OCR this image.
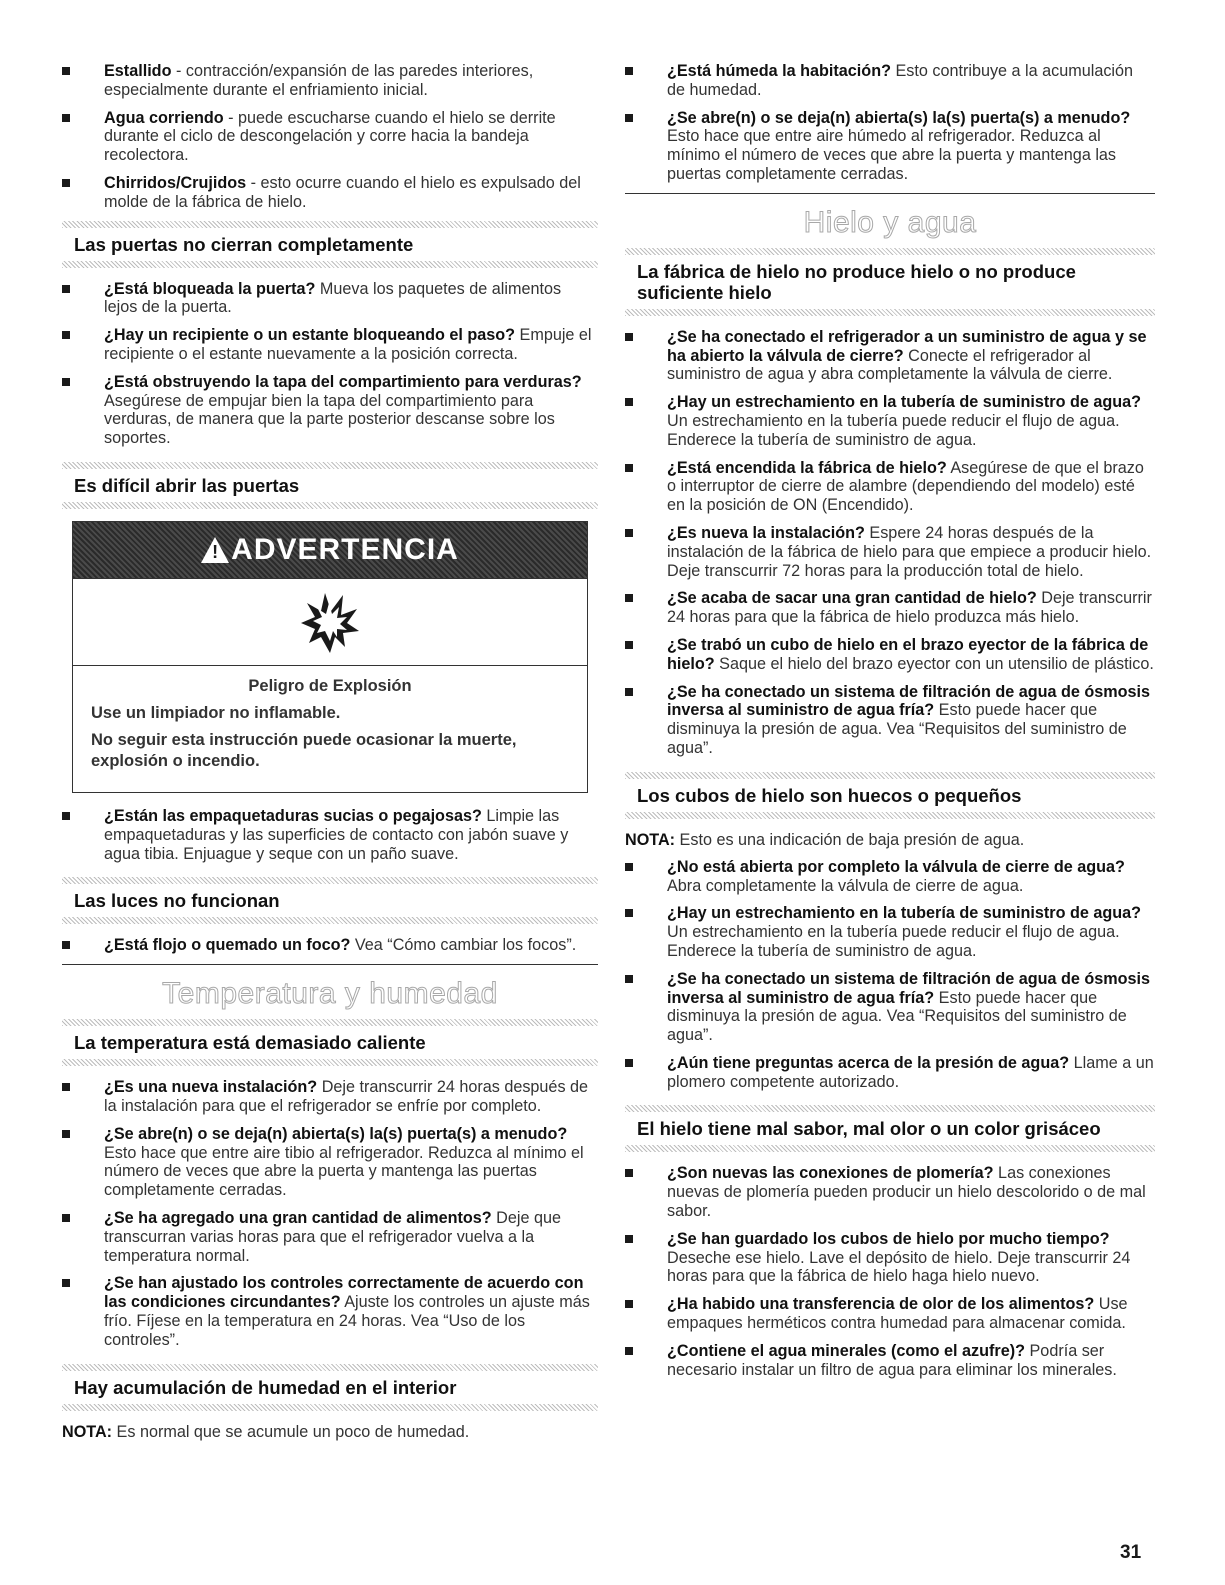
Estallido - contracción/expansión de las paredes interiores, especialmente durante el enfriamiento inicial.
Agua corriendo - puede escucharse cuando el hielo se derrite durante el ciclo de descongelación y corre hacia la bandeja recolectora.
Chirridos/Crujidos - esto ocurre cuando el hielo es expulsado del molde de la fábrica de hielo.
Las puertas no cierran completamente
¿Está bloqueada la puerta? Mueva los paquetes de alimentos lejos de la puerta.
¿Hay un recipiente o un estante bloqueando el paso? Empuje el recipiente o el estante nuevamente a la posición correcta.
¿Está obstruyendo la tapa del compartimiento para verduras? Asegúrese de empujar bien la tapa del compartimiento para verduras, de manera que la parte posterior descanse sobre los soportes.
Es difícil abrir las puertas
!
ADVERTENCIA
Peligro de Explosión

Use un limpiador no inflamable.

No seguir esta instrucción puede ocasionar la muerte, explosión o incendio.

¿Están las empaquetaduras sucias o pegajosas? Limpie las empaquetaduras y las superficies de contacto con jabón suave y agua tibia. Enjuague y seque con un paño suave.
Las luces no funcionan
¿Está flojo o quemado un foco? Vea “Cómo cambiar los focos”.
Temperatura y humedad
La temperatura está demasiado caliente
¿Es una nueva instalación? Deje transcurrir 24 horas después de la instalación para que el refrigerador se enfríe por completo.
¿Se abre(n) o se deja(n) abierta(s) la(s) puerta(s) a menudo? Esto hace que entre aire tibio al refrigerador. Reduzca al mínimo el número de veces que abre la puerta y mantenga las puertas completamente cerradas.
¿Se ha agregado una gran cantidad de alimentos? Deje que transcurran varias horas para que el refrigerador vuelva a la temperatura normal.
¿Se han ajustado los controles correctamente de acuerdo con las condiciones circundantes? Ajuste los controles un ajuste más frío. Fíjese en la temperatura en 24 horas. Vea “Uso de los controles”.
Hay acumulación de humedad en el interior
NOTA: Es normal que se acumule un poco de humedad.
¿Está húmeda la habitación? Esto contribuye a la acumulación de humedad.
¿Se abre(n) o se deja(n) abierta(s) la(s) puerta(s) a menudo? Esto hace que entre aire húmedo al refrigerador. Reduzca al mínimo el número de veces que abre la puerta y mantenga las puertas completamente cerradas.
Hielo y agua
La fábrica de hielo no produce hielo o no produce suficiente hielo
¿Se ha conectado el refrigerador a un suministro de agua y se ha abierto la válvula de cierre? Conecte el refrigerador al suministro de agua y abra completamente la válvula de cierre.
¿Hay un estrechamiento en la tubería de suministro de agua? Un estrechamiento en la tubería puede reducir el flujo de agua. Enderece la tubería de suministro de agua.
¿Está encendida la fábrica de hielo? Asegúrese de que el brazo o interruptor de cierre de alambre (dependiendo del modelo) esté en la posición de ON (Encendido).
¿Es nueva la instalación? Espere 24 horas después de la instalación de la fábrica de hielo para que empiece a producir hielo. Deje transcurrir 72 horas para la producción total de hielo.
¿Se acaba de sacar una gran cantidad de hielo? Deje transcurrir 24 horas para que la fábrica de hielo produzca más hielo.
¿Se trabó un cubo de hielo en el brazo eyector de la fábrica de hielo? Saque el hielo del brazo eyector con un utensilio de plástico.
¿Se ha conectado un sistema de filtración de agua de ósmosis inversa al suministro de agua fría? Esto puede hacer que disminuya la presión de agua. Vea “Requisitos del suministro de agua”.
Los cubos de hielo son huecos o pequeños
NOTA: Esto es una indicación de baja presión de agua.
¿No está abierta por completo la válvula de cierre de agua? Abra completamente la válvula de cierre de agua.
¿Hay un estrechamiento en la tubería de suministro de agua? Un estrechamiento en la tubería puede reducir el flujo de agua. Enderece la tubería de suministro de agua.
¿Se ha conectado un sistema de filtración de agua de ósmosis inversa al suministro de agua fría? Esto puede hacer que disminuya la presión de agua. Vea “Requisitos del suministro de agua”.
¿Aún tiene preguntas acerca de la presión de agua? Llame a un plomero competente autorizado.
El hielo tiene mal sabor, mal olor o un color grisáceo
¿Son nuevas las conexiones de plomería? Las conexiones nuevas de plomería pueden producir un hielo descolorido o de mal sabor.
¿Se han guardado los cubos de hielo por mucho tiempo? Deseche ese hielo. Lave el depósito de hielo. Deje transcurrir 24 horas para que la fábrica de hielo haga hielo nuevo.
¿Ha habido una transferencia de olor de los alimentos? Use empaques herméticos contra humedad para almacenar comida.
¿Contiene el agua minerales (como el azufre)? Podría ser necesario instalar un filtro de agua para eliminar los minerales.
31
